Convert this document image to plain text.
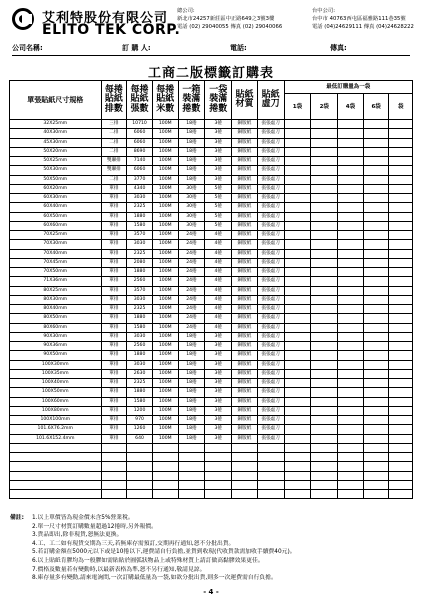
艾利特股份有限公司
ELITO TEK CORP.
總公司:
新北市24257新莊區中正路649之3號3樓
電話 (02) 29040055 傳真 (02) 29040066
台中公司:
台中市 40763西屯區福雅路111巷35號
電話 (04)24629111 傳真 (04)24628222
公司名稱:	訂 購 人:	電話:	傳真:
工商二版標籤訂購表
單張貼紙尺寸規格	每捲貼紙排數	每捲貼紙張數	每捲貼紙米數	一箱裝滿捲數	一袋裝滿捲數	貼紙材質	貼紙虛刀	最低訂購量為一袋				
								1袋	2袋	4袋	6袋	袋
32X25mm	三排	10710	100M	18捲	3捲	銅版紙	張張虛刀					
40X30mm	二排	6060	100M	18捲	3捲	銅版紙	張張虛刀					
45X30mm	二排	6060	100M	18捲	3捲	銅版紙	張張虛刀					
50X20mm	二排	8690	100M	18捲	3捲	銅版紙	張張虛刀					
50X25mm	雙聯排	7140	100M	18捲	3捲	銅版紙	張張虛刀					
50X30mm	雙聯排	6060	100M	18捲	3捲	銅版紙	張張虛刀					
50X50mm	二排	3770	100M	18捲	3捲	銅版紙	張張虛刀					
60X20mm	單排	4340	100M	30捲	5捲	銅版紙	張張虛刀					
60X30mm	單排	3030	100M	30捲	5捲	銅版紙	張張虛刀					
60X40mm	單排	2325	100M	30捲	5捲	銅版紙	張張虛刀					
60X50mm	單排	1880	100M	30捲	5捲	銅版紙	張張虛刀					
60X60mm	單排	1580	100M	30捲	5捲	銅版紙	張張虛刀					
70X25mm	單排	3570	100M	24捲	4捲	銅版紙	張張虛刀					
70X30mm	單排	3030	100M	24捲	4捲	銅版紙	張張虛刀					
70X40mm	單排	2325	100M	24捲	4捲	銅版紙	張張虛刀					
70X45mm	單排	2080	100M	24捲	4捲	銅版紙	張張虛刀					
70X50mm	單排	1880	100M	24捲	4捲	銅版紙	張張虛刀					
71X36mm	單排	2560	100M	24捲	4捲	銅版紙	張張虛刀					
80X25mm	單排	3570	100M	24捲	4捲	銅版紙	張張虛刀					
80X30mm	單排	3030	100M	24捲	4捲	銅版紙	張張虛刀					
80X40mm	單排	2325	100M	24捲	4捲	銅版紙	張張虛刀					
80X50mm	單排	1880	100M	24捲	4捲	銅版紙	張張虛刀					
80X60mm	單排	1580	100M	24捲	4捲	銅版紙	張張虛刀					
90X30mm	單排	3030	100M	18捲	3捲	銅版紙	張張虛刀					
90X36mm	單排	2560	100M	18捲	3捲	銅版紙	張張虛刀					
90X50mm	單排	1880	100M	18捲	3捲	銅版紙	張張虛刀					
100X30mm	單排	3030	100M	18捲	3捲	銅版紙	張張虛刀					
100X35mm	單排	2630	100M	18捲	3捲	銅版紙	張張虛刀					
100X40mm	單排	2325	100M	18捲	3捲	銅版紙	張張虛刀					
100X50mm	單排	1880	100M	18捲	3捲	銅版紙	張張虛刀					
100X60mm	單排	1580	100M	18捲	3捲	銅版紙	張張虛刀					
100X80mm	單排	1200	100M	18捲	3捲	銅版紙	張張虛刀					
100X100mm	單排	970	100M	18捲	3捲	銅版紙	張張虛刀					
101.6X76.2mm	單排	1260	100M	18捲	3捲	銅版紙	張張虛刀					
101.6X152.4mm	單排	640	100M	18捲	3捲	銅版紙	張張虛刀					

備註: 1.以上單價皆為現金價未含5%營業稅。
2.單一尺寸材質訂購數量超過12捲時,另外報價。
3.貨品即出,除非現貨,恕無法更換。
4.工、工二如有現貨交期為三天,若無庫存需預訂,交期再行通知,恕不分批出貨。
5.若訂購金額在5000元以下或是10捲以下,運費請自行負擔,並貨到收現(代收貨款需加收手續費40元)。
6.以上貼紙肯膠均為一般膠如需貼貼於圓弧狀物品上或特殊材質上請訂做高黏膠效果更佳。
7.價格及數量若有變動時,以最新表格為準,恕不另行通知,敬請見諒。
8.庫存量多有變動,請來電詢問,一次訂購最低量為一袋,如欲分批出貨,則多一次運費需自行負擔。
- 4 -
